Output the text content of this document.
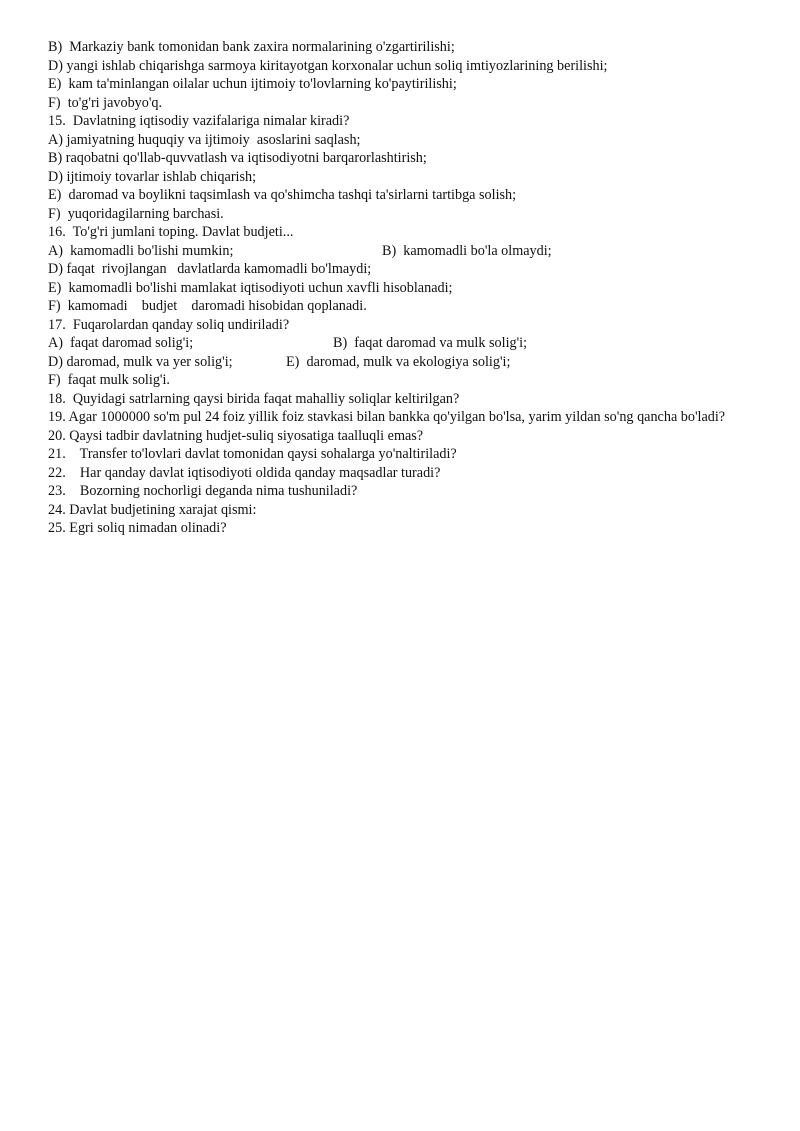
B)  Markaziy bank tomonidan bank zaxira normalarining o'zgartirilishi;

D) yangi ishlab chiqarishga sarmoya kiritayotgan korxonalar uchun soliq imtiyozlarining berilishi;

E)  kam ta'minlangan oilalar uchun ijtimoiy to'lovlarning ko'paytirilishi;

F)  to'g'ri javobyo'q.

15.  Davlatning iqtisodiy vazifalariga nimalar kiradi?

A) jamiyatning huquqiy va ijtimoiy  asoslarini saqlash;

B) raqobatni qo'llab-quvvatlash va iqtisodiyotni barqarorlashtirish;

D) ijtimoiy tovarlar ishlab chiqarish;

E)  daromad va boylikni taqsimlash va qo'shimcha tashqi ta'sirlarni tartibga solish;

F)  yuqoridagilarning barchasi.

16.  To'g'ri jumlani toping. Davlat budjeti...

A)  kamomadli bo'lishi mumkin;	B)  kamomadli bo'la olmaydi;

D) faqat  rivojlangan   davlatlarda kamomadli bo'lmaydi;

E)  kamomadli bo'lishi mamlakat iqtisodiyoti uchun xavfli hisoblanadi;

F)  kamomadi    budjet    daromadi hisobidan qoplanadi.

17.  Fuqarolardan qanday soliq undiriladi?

A)  faqat daromad solig'i;	B)  faqat daromad va mulk solig'i;
D) daromad, mulk va yer solig'i;	E)  daromad, mulk va ekologiya solig'i;

F)  faqat mulk solig'i.

18.  Quyidagi satrlarning qaysi birida faqat mahalliy soliqlar keltirilgan?

19. Agar 1000000 so'm pul 24 foiz yillik foiz stavkasi bilan bankka qo'yilgan bo'lsa, yarim yildan so'ng qancha bo'ladi?

20. Qaysi tadbir davlatning hudjet-suliq siyosatiga taalluqli emas?

21.    Transfer to'lovlari davlat tomonidan qaysi sohalarga yo'naltiriladi?

22.    Har qanday davlat iqtisodiyoti oldida qanday maqsadlar turadi?

23.    Bozorning nochorligi deganda nima tushuniladi?

24. Davlat budjetining xarajat qismi:

25. Egri soliq nimadan olinadi?
